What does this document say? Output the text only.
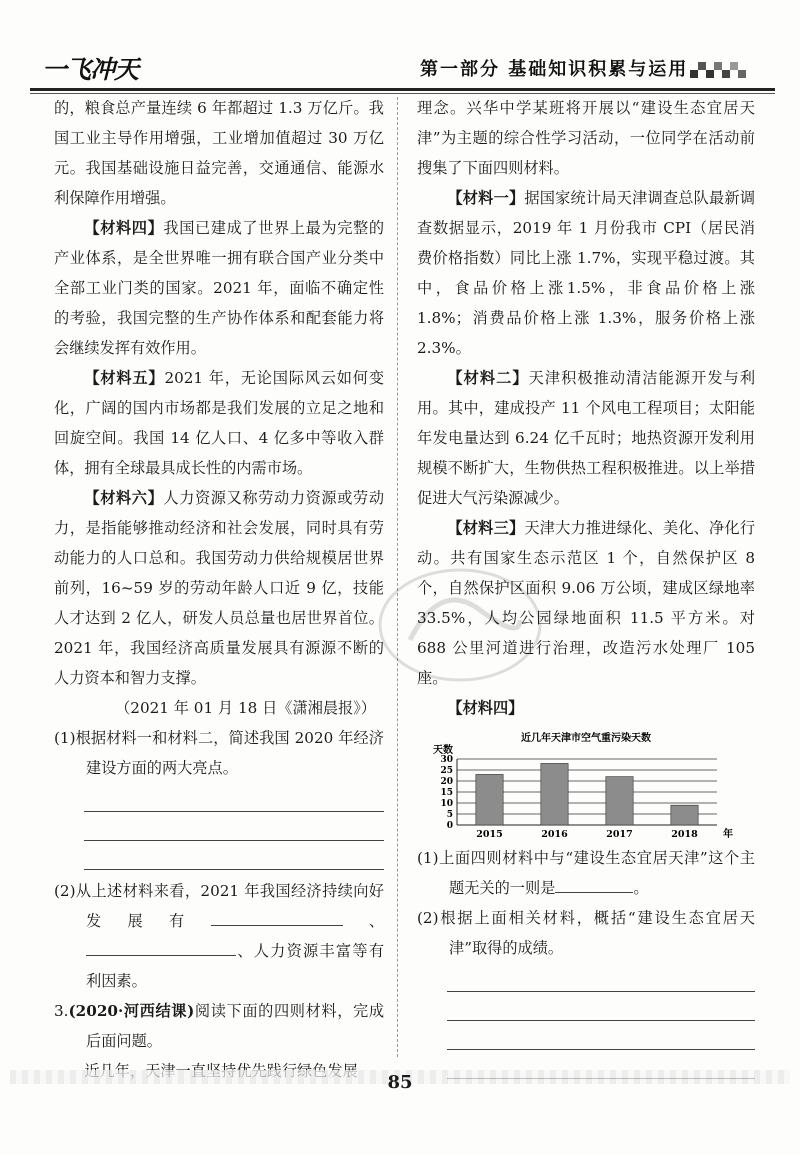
一飞冲天	第一部分 基础知识积累与运用

的，粮食总产量连续 6 年都超过 1.3 万亿斤。我国工业主导作用增强，工业增加值超过 30 万亿元。我国基础设施日益完善，交通通信、能源水利保障作用增强。

【材料四】我国已建成了世界上最为完整的产业体系，是全世界唯一拥有联合国产业分类中全部工业门类的国家。2021 年，面临不确定性的考验，我国完整的生产协作体系和配套能力将会继续发挥有效作用。

【材料五】2021 年，无论国际风云如何变化，广阔的国内市场都是我们发展的立足之地和回旋空间。我国 14 亿人口、4 亿多中等收入群体，拥有全球最具成长性的内需市场。

【材料六】人力资源又称劳动力资源或劳动力，是指能够推动经济和社会发展，同时具有劳动能力的人口总和。我国劳动力供给规模居世界前列，16~59 岁的劳动年龄人口近 9 亿，技能人才达到 2 亿人，研发人员总量也居世界首位。2021 年，我国经济高质量发展具有源源不断的人力资本和智力支撑。

（2021 年 01 月 18 日《潇湘晨报》）

(1)根据材料一和材料二，简述我国 2020 年经济建设方面的两大亮点。

(2)从上述材料来看，2021 年我国经济持续向好发展有	、、人力资源丰富等有利因素。

3.(2020·河西结课)阅读下面的四则材料，完成后面问题。

理念。兴华中学某班将开展以“建设生态宜居天津”为主题的综合性学习活动，一位同学在活动前搜集了下面四则材料。

【材料一】据国家统计局天津调查总队最新调查数据显示，2019 年 1 月份我市 CPI（居民消费价格指数）同比上涨 1.7%，实现平稳过渡。其中，食品价格上涨1.5%，非食品价格上涨 1.8%；消费品价格上涨 1.3%，服务价格上涨 2.3%。

【材料二】天津积极推动清洁能源开发与利用。其中，建成投产 11 个风电工程项目；太阳能年发电量达到 6.24 亿千瓦时；地热资源开发利用规模不断扩大，生物供热工程积极推进。以上举措促进大气污染源减少。

【材料三】天津大力推进绿化、美化、净化行动。共有国家生态示范区 1 个，自然保护区 8 个，自然保护区面积 9.06 万公顷，建成区绿地率 33.5%，人均公园绿地面积 11.5 平方米。对 688 公里河道进行治理，改造污水处理厂 105 座。

【材料四】

近几年天津市空气重污染天数
天数
0
5
10
15
20
25
30
2015	2016	2017	2018	年

(1)上面四则材料中与“建设生态宜居天津”这个主题无关的一则是	。

(2)根据上面相关材料，概括“建设生态宜居天津”取得的成绩。

85
